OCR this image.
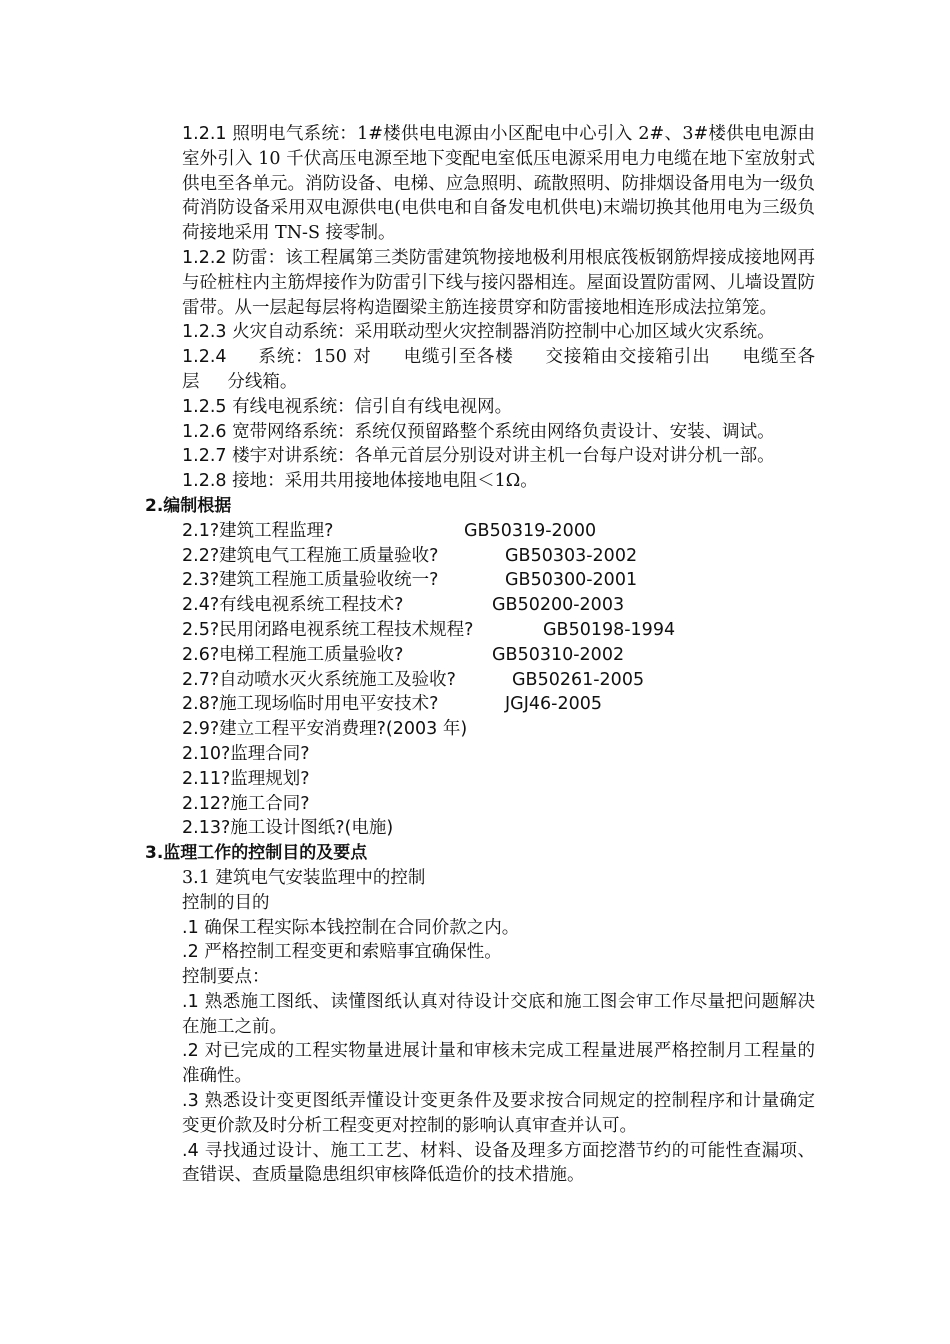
1.2.1 照明电气系统：1#楼供电电源由小区配电中心引入 2#、3#楼供电电源由室外引入 10 千伏高压电源至地下变配电室低压电源采用电力电缆在地下室放射式供电至各单元。消防设备、电梯、应急照明、疏散照明、防排烟设备用电为一级负荷消防设备采用双电源供电(电供电和自备发电机供电)末端切换其他用电为三级负荷接地采用 TN-S 接零制。

1.2.2 防雷：该工程属第三类防雷建筑物接地极利用根底筏板钢筋焊接成接地网再与砼桩柱内主筋焊接作为防雷引下线与接闪器相连。屋面设置防雷网、儿墙设置防雷带。从一层起每层将构造圈梁主筋连接贯穿和防雷接地相连形成法拉第笼。

1.2.3 火灾自动系统：采用联动型火灾控制器消防控制中心加区域火灾系统。

1.2.4     系统：150 对     电缆引至各楼     交接箱由交接箱引出     电缆至各层     分线箱。

1.2.5 有线电视系统：信引自有线电视网。

1.2.6 宽带网络系统：系统仅预留路整个系统由网络负责设计、安装、调试。

1.2.7 楼宇对讲系统：各单元首层分别设对讲主机一台每户设对讲分机一部。

1.2.8 接地：采用共用接地体接地电阻＜1Ω。

2.编制根据

2.1?建筑工程监理?	GB50319-2000

2.2?建筑电气工程施工质量验收?	GB50303-2002

2.3?建筑工程施工质量验收统一?	GB50300-2001

2.4?有线电视系统工程技术?	GB50200-2003

2.5?民用闭路电视系统工程技术规程?	GB50198-1994

2.6?电梯工程施工质量验收?	GB50310-2002

2.7?自动喷水灭火系统施工及验收?	GB50261-2005

2.8?施工现场临时用电平安技术?	JGJ46-2005

2.9?建立工程平安消费理?(2003 年)

2.10?监理合同?

2.11?监理规划?

2.12?施工合同?

2.13?施工设计图纸?(电施)

3.监理工作的控制目的及要点

3.1 建筑电气安装监理中的控制

控制的目的

.1 确保工程实际本钱控制在合同价款之内。

.2 严格控制工程变更和索赔事宜确保性。

控制要点：

.1 熟悉施工图纸、读懂图纸认真对待设计交底和施工图会审工作尽量把问题解决在施工之前。

.2 对已完成的工程实物量进展计量和审核未完成工程量进展严格控制月工程量的准确性。

.3 熟悉设计变更图纸弄懂设计变更条件及要求按合同规定的控制程序和计量确定变更价款及时分析工程变更对控制的影响认真审查并认可。

.4 寻找通过设计、施工工艺、材料、设备及理多方面挖潜节约的可能性查漏项、查错误、查质量隐患组织审核降低造价的技术措施。
